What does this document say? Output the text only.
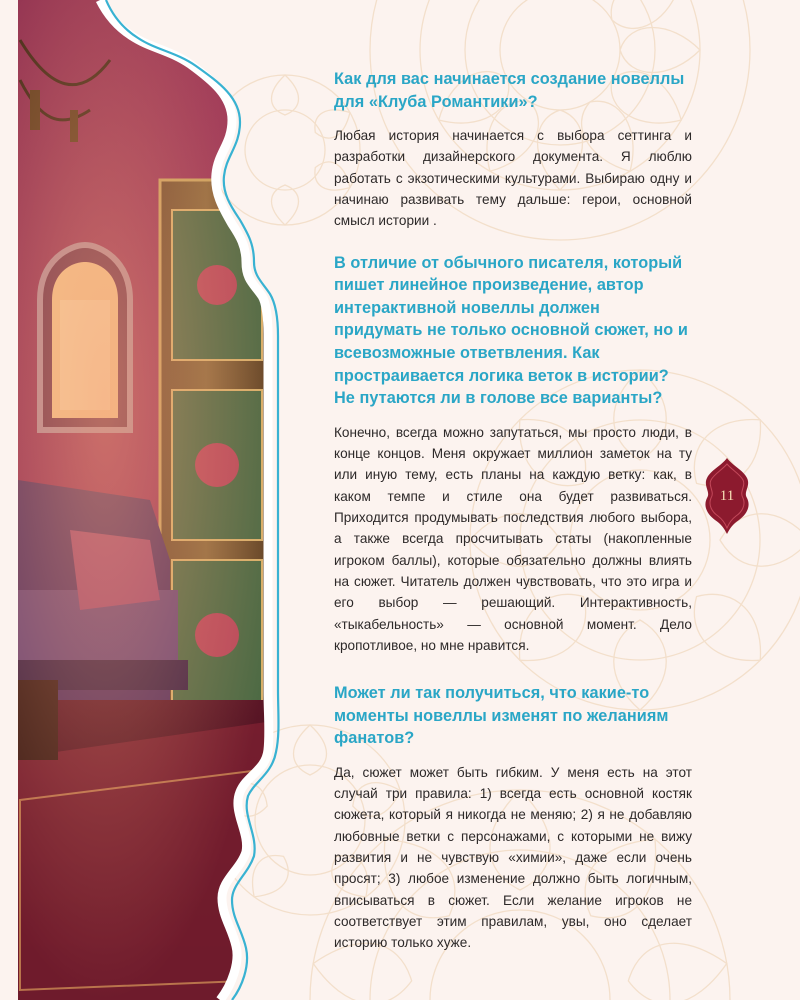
Как для вас начинается создание новеллы для «Клуба Романтики»?

Любая история начинается с выбора сеттинга и разработки дизайнерского документа. Я люблю работать с экзотическими культурами. Выбираю одну и начинаю развивать тему дальше: герои, основной смысл истории .

В отличие от обычного писателя, который пишет линейное произведение, автор интерактивной новеллы должен придумать не только основной сюжет, но и всевозможные ответвления. Как простраивается логика веток в истории? Не путаются ли в голове все варианты?

Конечно, всегда можно запутаться, мы просто люди, в конце концов. Меня окружает миллион заметок на ту или иную тему, есть планы на каждую ветку: как, в каком темпе и стиле она будет развиваться. Приходится продумывать последствия любого выбора, а также всегда просчитывать статы (накопленные игроком баллы), которые обязательно должны влиять на сюжет. Читатель должен чувствовать, что это игра и его выбор — решающий. Интерактивность, «тыкабельность» — основной момент. Дело кропотливое, но мне нравится.

Может ли так получиться, что какие-то моменты новеллы изменят по желаниям фанатов?

Да, сюжет может быть гибким. У меня есть на этот случай три правила: 1) всегда есть основной костяк сюжета, который я никогда не меняю; 2) я не добавляю любовные ветки с персонажами, с которыми не вижу развития и не чувствую «химии», даже если очень просят; 3) любое изменение должно быть логичным, вписываться в сюжет. Если желание игроков не соответствует этим правилам, увы, оно сделает историю только хуже.

11
